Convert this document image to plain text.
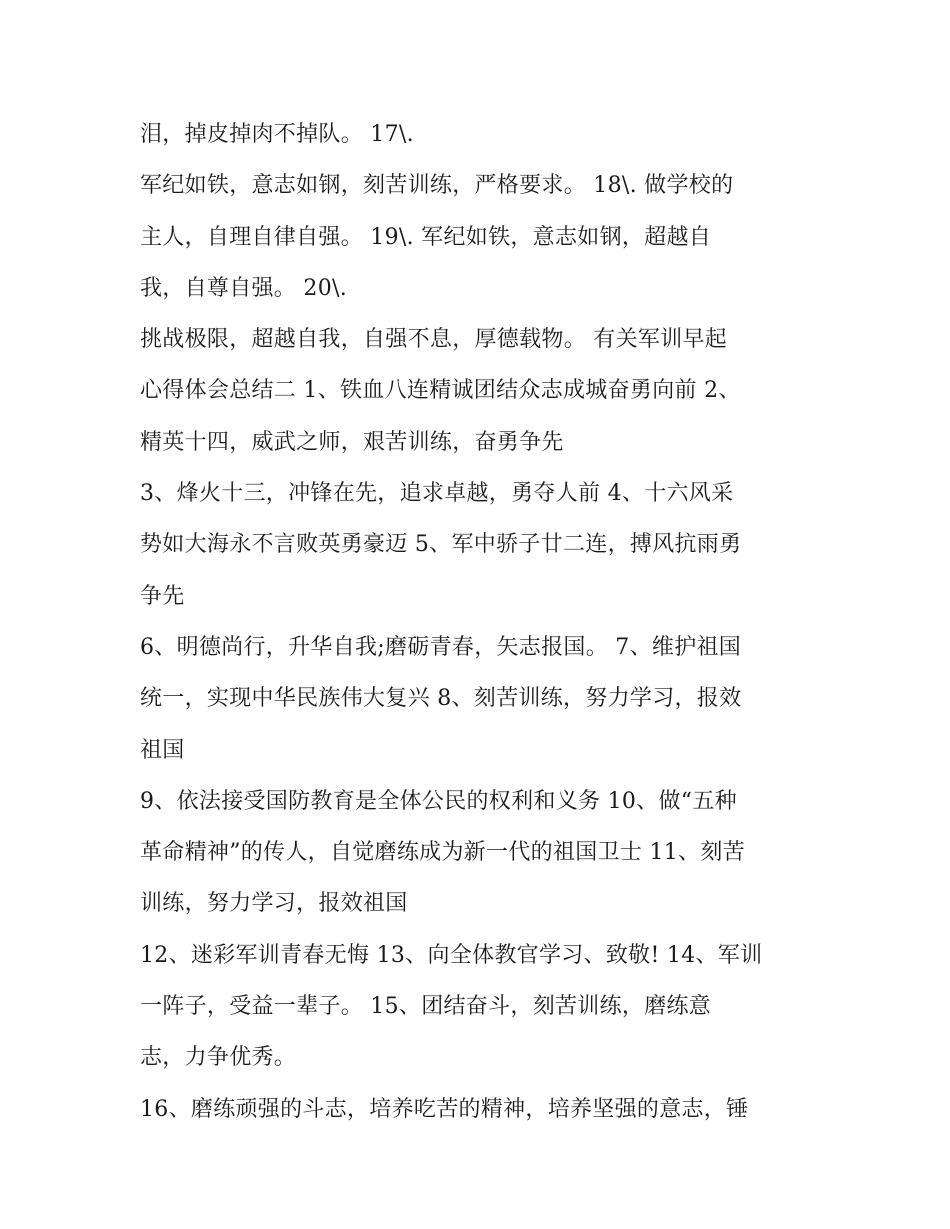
泪，掉皮掉肉不掉队。 17\.
军纪如铁，意志如钢，刻苦训练，严格要求。 18\. 做学校的
主人，自理自律自强。 19\. 军纪如铁，意志如钢，超越自
我，自尊自强。 20\.
挑战极限，超越自我，自强不息，厚德载物。 有关军训早起
心得体会总结二 1、铁血八连精诚团结众志成城奋勇向前 2、
精英十四，威武之师，艰苦训练，奋勇争先
3、烽火十三，冲锋在先，追求卓越，勇夺人前 4、十六风采
势如大海永不言败英勇豪迈 5、军中骄子廿二连，搏风抗雨勇
争先
6、明德尚行，升华自我;磨砺青春，矢志报国。 7、维护祖国
统一，实现中华民族伟大复兴 8、刻苦训练，努力学习，报效
祖国
9、依法接受国防教育是全体公民的权利和义务 10、做“五种
革命精神”的传人，自觉磨练成为新一代的祖国卫士 11、刻苦
训练，努力学习，报效祖国
12、迷彩军训青春无悔 13、向全体教官学习、致敬! 14、军训
一阵子，受益一辈子。 15、团结奋斗，刻苦训练，磨练意
志，力争优秀。
16、磨练顽强的斗志，培养吃苦的精神，培养坚强的意志，锤
